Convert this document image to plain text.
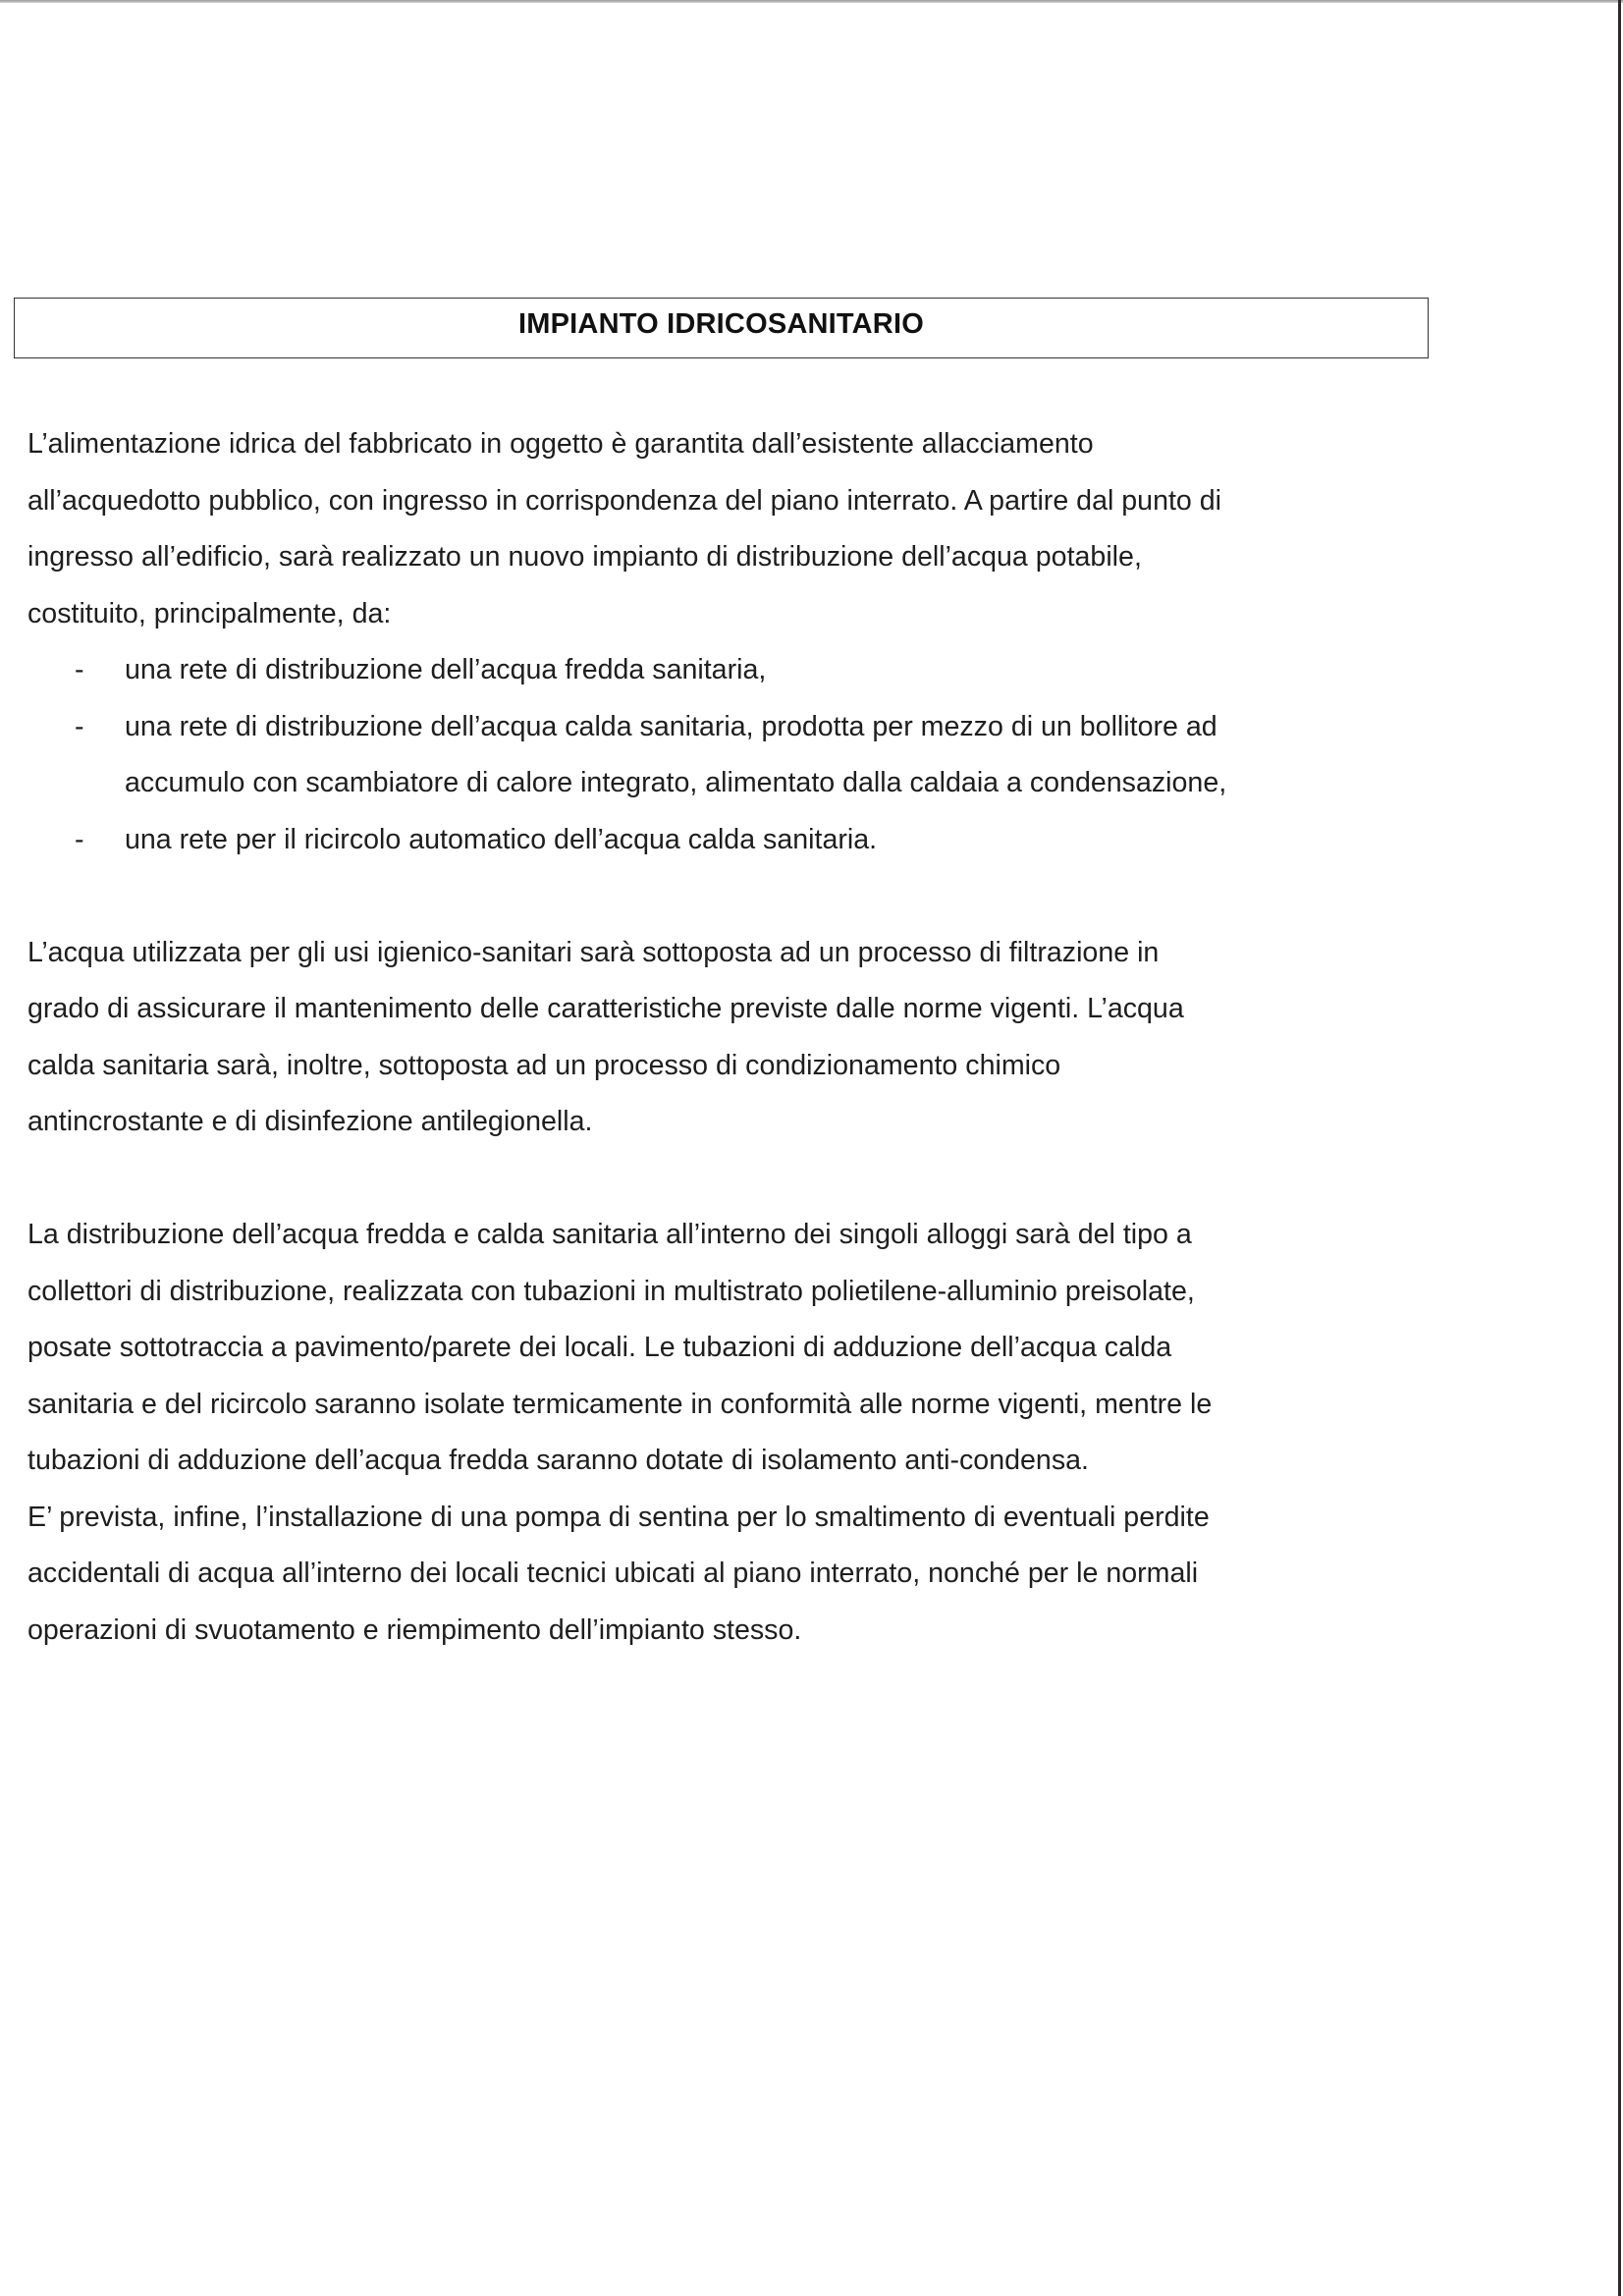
IMPIANTO IDRICOSANITARIO

L’alimentazione idrica del fabbricato in oggetto è garantita dall’esistente allacciamento

all’acquedotto pubblico, con ingresso in corrispondenza del piano interrato. A partire dal punto di

ingresso all’edificio, sarà realizzato un nuovo impianto di distribuzione dell’acqua potabile,

costituito, principalmente, da:

- una rete di distribuzione dell’acqua fredda sanitaria,
- una rete di distribuzione dell’acqua calda sanitaria, prodotta per mezzo di un bollitore ad
accumulo con scambiatore di calore integrato, alimentato dalla caldaia a condensazione,
- una rete per il ricircolo automatico dell’acqua calda sanitaria.

L’acqua utilizzata per gli usi igienico-sanitari sarà sottoposta ad un processo di filtrazione in

grado di assicurare il mantenimento delle caratteristiche previste dalle norme vigenti. L’acqua

calda sanitaria sarà, inoltre, sottoposta ad un processo di condizionamento chimico

antincrostante e di disinfezione antilegionella.

La distribuzione dell’acqua fredda e calda sanitaria all’interno dei singoli alloggi sarà del tipo a

collettori di distribuzione, realizzata con tubazioni in multistrato polietilene-alluminio preisolate,

posate sottotraccia a pavimento/parete dei locali. Le tubazioni di adduzione dell’acqua calda

sanitaria e del ricircolo saranno isolate termicamente in conformità alle norme vigenti, mentre le

tubazioni di adduzione dell’acqua fredda saranno dotate di isolamento anti-condensa.

E’ prevista, infine, l’installazione di una pompa di sentina per lo smaltimento di eventuali perdite

accidentali di acqua all’interno dei locali tecnici ubicati al piano interrato, nonché per le normali

operazioni di svuotamento e riempimento dell’impianto stesso.
